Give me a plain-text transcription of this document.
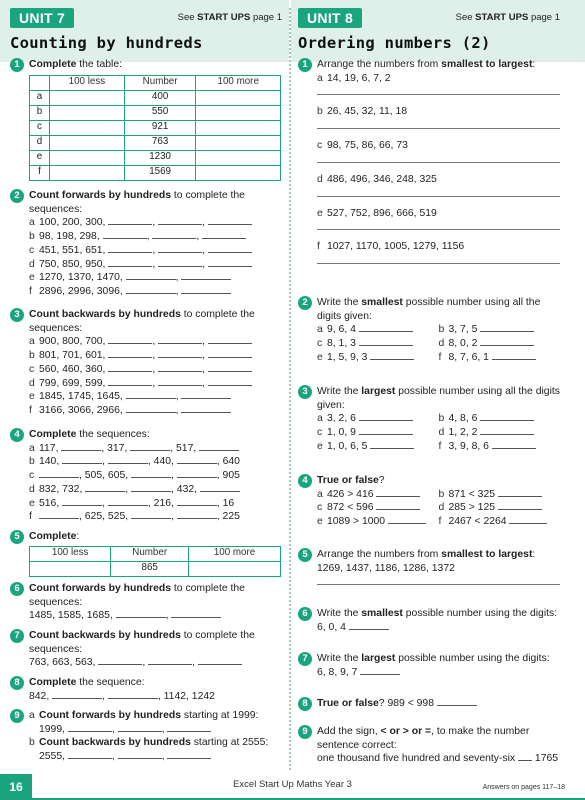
UNIT 7	See START UPS page 1
Counting by hundreds
1 Complete the table:
	100 less	Number	100 more
a		400	
b		550	
c		921	
d		763	
e		1230	
f		1569	
2 Count forwards by hundreds to complete the sequences:
a 100, 200, 300,	,	,
b 98, 198, 298,	,	,
c 451, 551, 651,	,	,
d 750, 850, 950,	,	,
e 1270, 1370, 1470,	,
f 2896, 2996, 3096,	,
3 Count backwards by hundreds to complete the sequences:
a 900, 800, 700,	,	,
b 801, 701, 601,	,	,
c 560, 460, 360,	,	,
d 799, 699, 599,	,	,
e 1845, 1745, 1645,	,
f 3166, 3066, 2966,	,
4 Complete the sequences:
a 117,	, 317,	, 517,
b 140,	,	, 440,	, 640
c	, 505, 605,	,	, 905
d 832, 732,	,	, 432,
e 516,	,	, 216,	, 16
f	, 625, 525,	,	, 225
5 Complete:
100 less	Number	100 more
	865	
6 Count forwards by hundreds to complete the sequences:
1485, 1585, 1685,	,
7 Count backwards by hundreds to complete the sequences:
763, 663, 563,	,	,
8 Complete the sequence:
842,	,	, 1142, 1242
9 a Count forwards by hundreds starting at 1999:
1999,	,	,
b Count backwards by hundreds starting at 2555:
2555,	,	,
UNIT 8	See START UPS page 1
Ordering numbers (2)
1 Arrange the numbers from smallest to largest:
a 14, 19, 6, 7, 2
b 26, 45, 32, 11, 18
c 98, 75, 86, 66, 73
d 486, 496, 346, 248, 325
e 527, 752, 896, 666, 519
f 1027, 1170, 1005, 1279, 1156
2 Write the smallest possible number using all the digits given:
a 9, 6, 4	b 3, 7, 5
c 8, 1, 3	d 8, 0, 2
e 1, 5, 9, 3	f 8, 7, 6, 1
3 Write the largest possible number using all the digits given:
a 3, 2, 6	b 4, 8, 6
c 1, 0, 9	d 1, 2, 2
e 1, 0, 6, 5	f 3, 9, 8, 6
4 True or false?
a 426 > 416	b 871 < 325
c 872 < 596	d 285 > 125
e 1089 > 1000	f 2467 < 2264
5 Arrange the numbers from smallest to largest:
1269, 1437, 1186, 1286, 1372
6 Write the smallest possible number using the digits:
6, 0, 4
7 Write the largest possible number using the digits:
6, 8, 9, 7
8 True or false? 989 < 998
9 Add the sign, < or > or =, to make the number sentence correct:
one thousand five hundred and seventy-six 1765
16	Excel Start Up Maths Year 3	Answers on pages 117–18
